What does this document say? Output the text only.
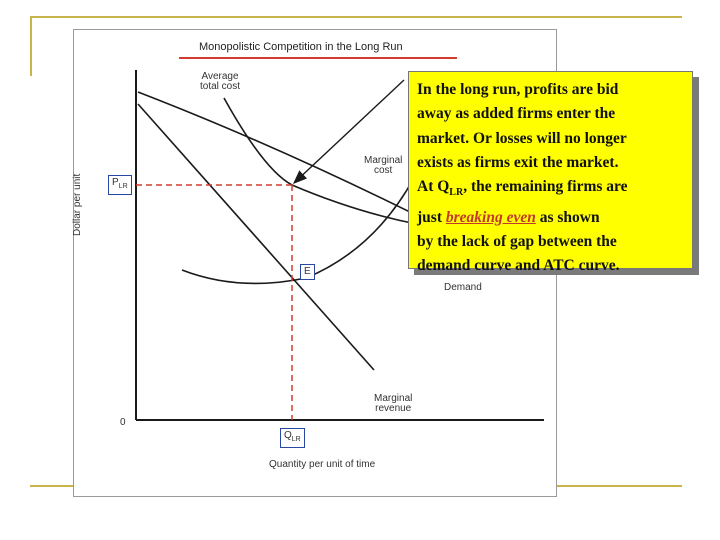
Monopolistic Competition in the Long Run
Dollar per unit
Average
total cost
Marginal
cost
Demand
Marginal
revenue
0
Quantity per unit of time
$P_{LR}$
E
$Q_{LR}$
In the long run, profits are bid
away as added firms enter the
market. Or losses will no longer
exists as firms exit the market.
At $Q_{LR}$, the remaining firms are
just breaking even as shown
by the lack of gap between the
demand curve and ATC curve.
